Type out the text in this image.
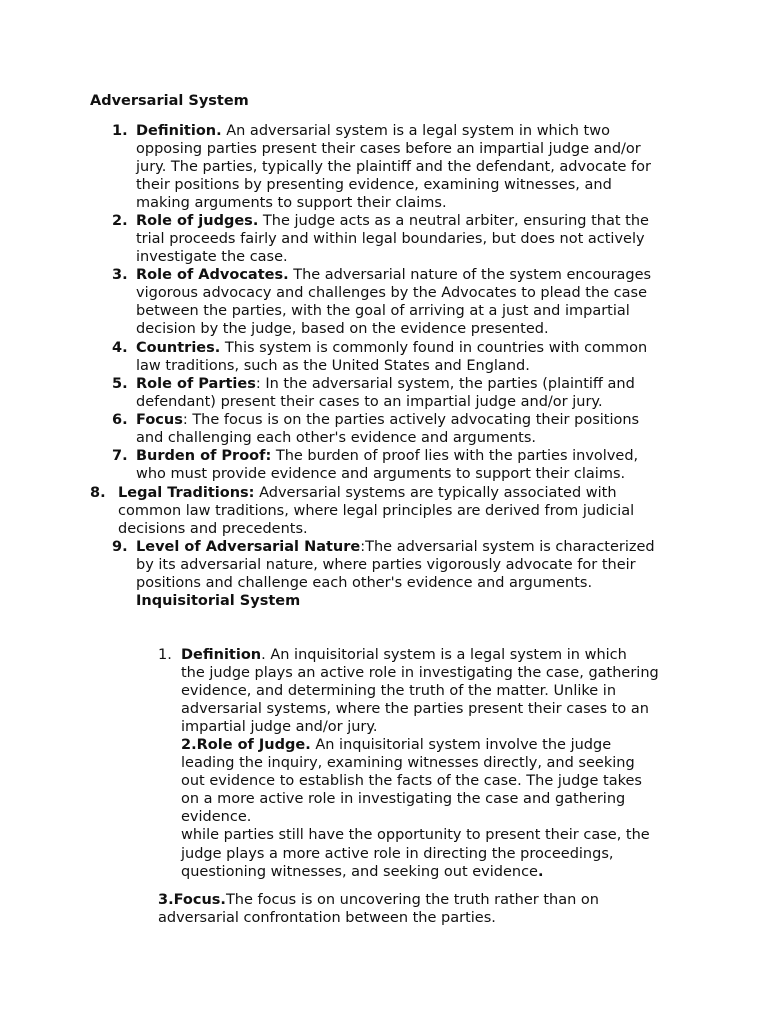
Adversarial System
1. Definition. An adversarial system is a legal system in which two
opposing parties present their cases before an impartial judge and/or
jury. The parties, typically the plaintiff and the defendant, advocate for
their positions by presenting evidence, examining witnesses, and
making arguments to support their claims.
2. Role of judges. The judge acts as a neutral arbiter, ensuring that the
trial proceeds fairly and within legal boundaries, but does not actively
investigate the case.
3. Role of Advocates. The adversarial nature of the system encourages
vigorous advocacy and challenges by the Advocates to plead the case
between the parties, with the goal of arriving at a just and impartial
decision by the judge, based on the evidence presented.
4. Countries. This system is commonly found in countries with common
law traditions, such as the United States and England.
5. Role of Parties: In the adversarial system, the parties (plaintiff and
defendant) present their cases to an impartial judge and/or jury.
6. Focus: The focus is on the parties actively advocating their positions
and challenging each other's evidence and arguments.
7. Burden of Proof: The burden of proof lies with the parties involved,
who must provide evidence and arguments to support their claims.
8. Legal Traditions: Adversarial systems are typically associated with
common law traditions, where legal principles are derived from judicial
decisions and precedents.
9. Level of Adversarial Nature:The adversarial system is characterized
by its adversarial nature, where parties vigorously advocate for their
positions and challenge each other's evidence and arguments.
Inquisitorial System
1. Definition. An inquisitorial system is a legal system in which
the judge plays an active role in investigating the case, gathering
evidence, and determining the truth of the matter. Unlike in
adversarial systems, where the parties present their cases to an
impartial judge and/or jury.
2.Role of Judge. An inquisitorial system involve the judge
leading the inquiry, examining witnesses directly, and seeking
out evidence to establish the facts of the case. The judge takes
on a more active role in investigating the case and gathering
evidence.
while parties still have the opportunity to present their case, the
judge plays a more active role in directing the proceedings,
questioning witnesses, and seeking out evidence.
3.Focus.The focus is on uncovering the truth rather than on
adversarial confrontation between the parties.
